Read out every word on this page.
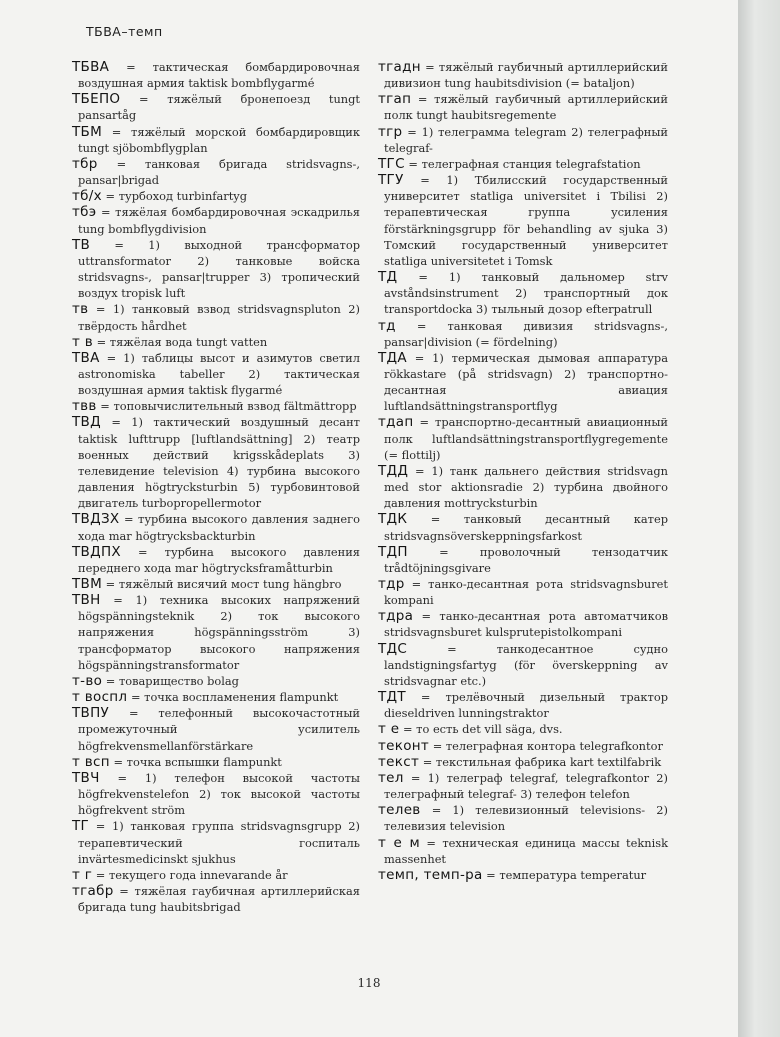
ТБВА–темп

ТБВА = тактическая бомбардировочная воздушная армия taktisk bombflygarmé

ТБЕПО = тяжёлый бронепоезд tungt pansartåg

ТБМ = тяжёлый морской бомбардировщик tungt sjöbombflygplan

тбр = танковая бригада stridsvagns-, pansar|brigad

тб/х = турбоход turbinfartyg

тбэ = тяжёлая бомбардировочная эскадрилья tung bombflygdivision

ТВ = 1) выходной трансформатор uttransformator 2) танковые войска stridsvagns-, pansar|trupper 3) тропический воздух tropisk luft

тв = 1) танковый взвод stridsvagnspluton 2) твёрдость hårdhet

т в = тяжёлая вода tungt vatten

ТВА = 1) таблицы высот и азимутов светил astronomiska tabeller 2) тактическая воздушная армия taktisk flygarmé

твв = топовычислительный взвод fältmättropp

ТВД = 1) тактический воздушный десант taktisk lufttrupp [luftlandsättning] 2) театр военных действий krigsskådeplats 3) телевидение television 4) турбина высокого давления högtrycksturbin 5) турбовинтовой двигатель turbopropellermotor

ТВДЗХ = турбина высокого давления заднего хода mar högtrycksbackturbin

ТВДПХ = турбина высокого давления переднего хода mar högtrycksframåtturbin

ТВМ = тяжёлый висячий мост tung hängbro

ТВН = 1) техника высоких напряжений högspänningsteknik 2) ток высокого напряжения högspänningsström 3) трансформатор высокого напряжения högspänningstransformator

т-во = товарищество bolag

т воспл = точка воспламенения flampunkt

ТВПУ = телефонный высокочастотный промежуточный усилитель högfrekvensmellanförstärkare

т всп = точка вспышки flampunkt

ТВЧ = 1) телефон высокой частоты högfrekvenstelefon 2) ток высокой частоты högfrekvent ström

ТГ = 1) танковая группа stridsvagnsgrupp 2) терапевтический госпиталь invärtesmedicinskt sjukhus

т г = текущего года innevarande år

тгабр = тяжёлая гаубичная артиллерийская бригада tung haubitsbrigad

тгадн = тяжёлый гаубичный артиллерийский дивизион tung haubitsdivision (= bataljon)

тгап = тяжёлый гаубичный артиллерийский полк tungt haubitsregemente

тгр = 1) телеграмма telegram 2) телеграфный telegraf-

ТГС = телеграфная станция telegrafstation

ТГУ = 1) Тбилисский государственный университет statliga universitet i Tbilisi 2) терапевтическая группа усиления förstärkningsgrupp för behandling av sjuka 3) Томский государственный университет statliga universitetet i Tomsk

ТД = 1) танковый дальномер strv avståndsinstrument 2) транспортный док transportdocka 3) тыльный дозор efterpatrull

тд = танковая дивизия stridsvagns-, pansar|division (= fördelning)

ТДА = 1) термическая дымовая аппаратура rökkastare (på stridsvagn) 2) транспортно-десантная авиация luftlandsättningstransportflyg

тдап = транспортно-десантный авиационный полк luftlandsättningstransportflygregemente (= flottilj)

ТДД = 1) танк дальнего действия stridsvagn med stor aktionsradie 2) турбина двойного давления mottrycksturbin

ТДК = танковый десантный катер stridsvagnsöverskeppningsfarkost

ТДП = проволочный тензодатчик trådtöjningsgivare

тдр = танко-десантная рота stridsvagnsburet kompani

тдра = танко-десантная рота автоматчиков stridsvagnsburet kulsprutepistolkompani

ТДС = танкодесантное судно landstigningsfartyg (för överskeppning av stridsvagnar etc.)

ТДТ = трелёвочный дизельный трактор dieseldriven lunningstraktor

т е = то есть det vill säga, dvs.

теконт = телеграфная контора telegrafkontor

текст = текстильная фабрика kart textilfabrik

тел = 1) телеграф telegraf, telegrafkontor 2) телеграфный telegraf- 3) телефон telefon

телев = 1) телевизионный televisions- 2) телевизия television

т е м = техническая единица массы teknisk massenhet

темп, темп-ра = температура temperatur

118
